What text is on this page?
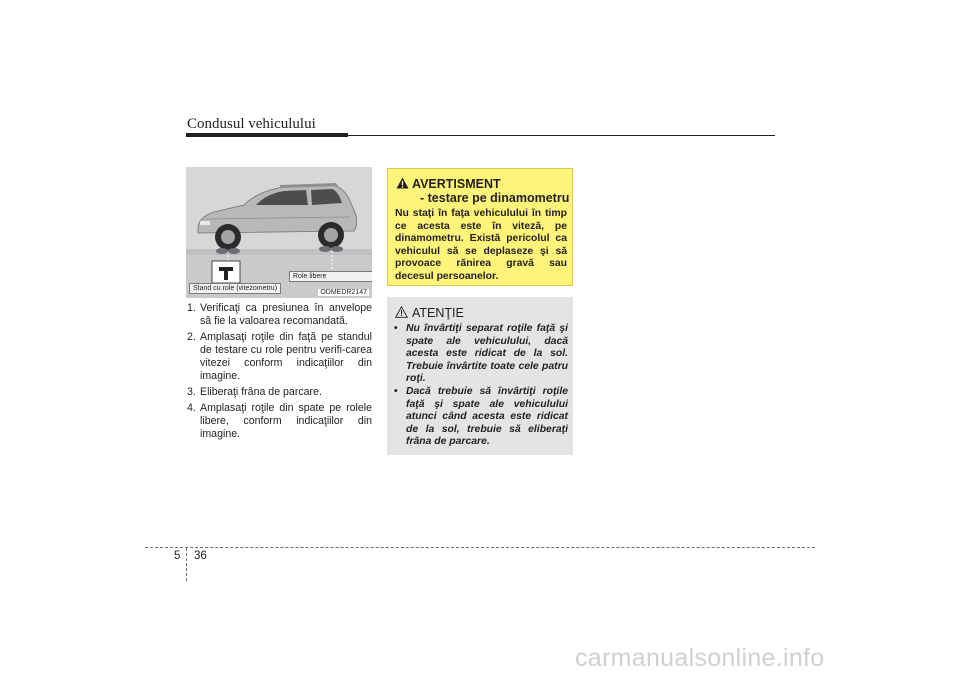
Condusul vehiculului
Stand cu role (vitezometru)
Role libere
ODMEDR2147
1. Verificaţi ca presiunea în anvelope să fie la valoarea recomandată.
2. Amplasaţi roţile din faţă pe standul de testare cu role pentru verifi-carea vitezei conform indicaţiilor din imagine.
3. Eliberaţi frâna de parcare.
4. Amplasaţi roţile din spate pe rolele libere, conform indicaţiilor din imagine.
AVERTISMENT
- testare pe dinamometru
Nu staţi în faţa vehiculului în timp ce acesta este în viteză, pe dinamometru. Există pericolul ca vehiculul să se deplaseze şi să provoace rănirea gravă sau decesul persoanelor.
ATENŢIE
• Nu învârtiţi separat roţile faţă şi spate ale vehiculului, dacă acesta este ridicat de la sol. Trebuie învârtite toate cele patru roţi.
• Dacă trebuie să învârtiţi roţile faţă şi spate ale vehiculului atunci când acesta este ridicat de la sol, trebuie să eliberaţi frâna de parcare.
5 36
carmanualsonline.info
